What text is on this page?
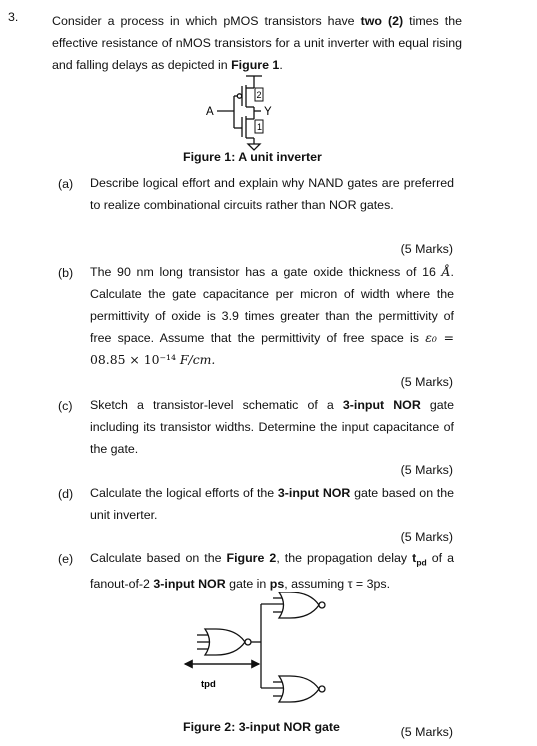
3.	Consider a process in which pMOS transistors have two (2) times the effective resistance of nMOS transistors for a unit inverter with equal rising and falling delays as depicted in Figure 1.
A	Y
2
1
Figure 1: A unit inverter
(a) Describe logical effort and explain why NAND gates are preferred to realize combinational circuits rather than NOR gates.
(5 Marks)
(b) The 90 nm long transistor has a gate oxide thickness of 16 Å. Calculate the gate capacitance per micron of width where the permittivity of oxide is 3.9 times greater than the permittivity of free space. Assume that the permittivity of free space is ε₀ = 08.85 × 10⁻¹⁴ F/cm.
(5 Marks)
(c) Sketch a transistor-level schematic of a 3-input NOR gate including its transistor widths. Determine the input capacitance of the gate.
(5 Marks)
(d) Calculate the logical efforts of the 3-input NOR gate based on the unit inverter.
(5 Marks)
(e) Calculate based on the Figure 2, the propagation delay $t_{pd}$ of a fanout-of-2 3-input NOR gate in ps, assuming τ = 3ps.
tpd
Figure 2: 3-input NOR gate	(5 Marks)
